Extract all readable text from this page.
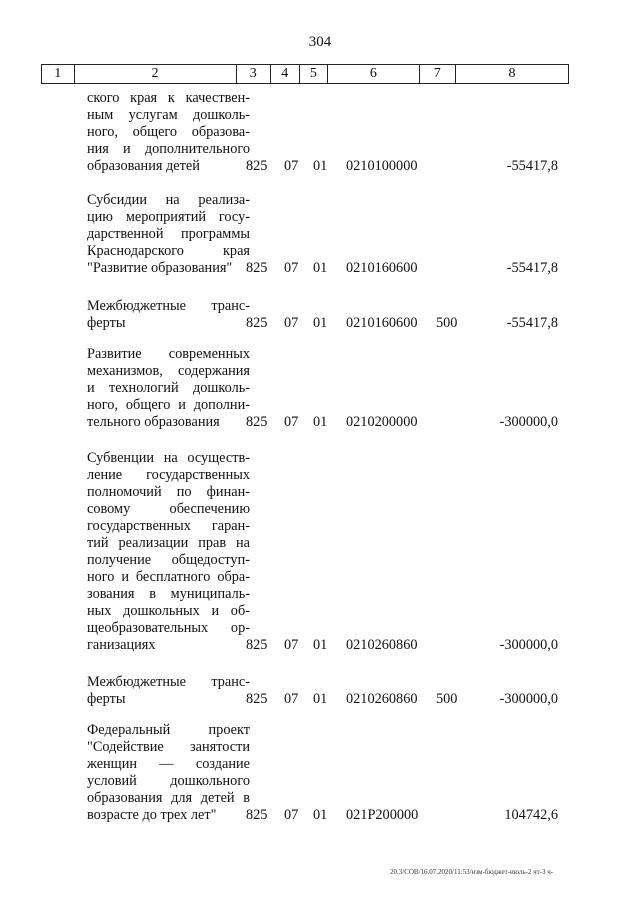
304
1	2	3	4	5	6	7	8
ского края к качествен-
ным услугам дошколь-
ного, общего образова-
ния и дополнительного
образования детей	825 07 01 0210100000	-55417,8
Субсидии на реализа-
цию мероприятий госу-
дарственной программы
Краснодарского края
"Развитие образования" 825 07 01 0210160600	-55417,8
Межбюджетные транс-
ферты	825 07 01 0210160600 500	-55417,8
Развитие современных
механизмов, содержания
и технологий дошколь-
ного, общего и дополни-
тельного образования	825 07 01 0210200000	-300000,0
Субвенции на осуществ-
ление государственных
полномочий по финан-
совому обеспечению
государственных гаран-
тий реализации прав на
получение общедоступ-
ного и бесплатного обра-
зования в муниципаль-
ных дошкольных и об-
щеобразовательных ор-
ганизациях	825 07 01 0210260860	-300000,0
Межбюджетные транс-
ферты	825 07 01 0210260860 500	-300000,0
Федеральный проект
"Содействие занятости
женщин — создание
условий дошкольного
образования для детей в
возрасте до трех лет"	825 07 01 021P200000	104742,6
20.3/СОВ/16.07.2020/11:53/изм-бюджет-июль-2 чт-3 ч-
